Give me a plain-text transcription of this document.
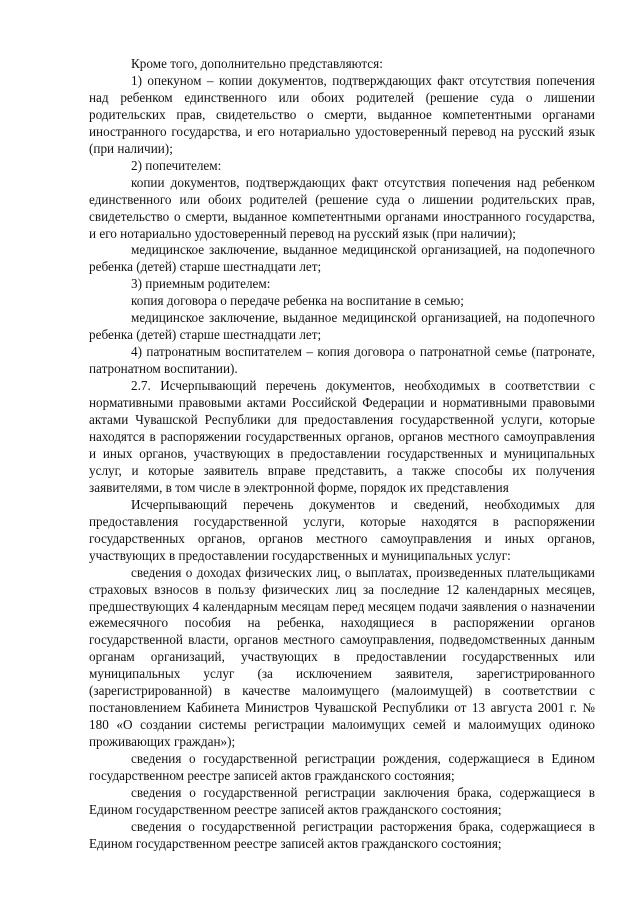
Кроме того, дополнительно представляются:

1) опекуном – копии документов, подтверждающих факт отсутствия попечения над ребенком единственного или обоих родителей (решение суда о лишении родительских прав, свидетельство о смерти, выданное компетентными органами иностранного государства, и его нотариально удостоверенный перевод на русский язык (при наличии);

2) попечителем:

копии документов, подтверждающих факт отсутствия попечения над ребенком единственного или обоих родителей (решение суда о лишении родительских прав, свидетельство о смерти, выданное компетентными органами иностранного государства, и его нотариально удостоверенный перевод на русский язык (при наличии);

медицинское заключение, выданное медицинской организацией, на подопечного ребенка (детей) старше шестнадцати лет;

3) приемным родителем:

копия договора о передаче ребенка на воспитание в семью;

медицинское заключение, выданное медицинской организацией, на подопечного ребенка (детей) старше шестнадцати лет;

4) патронатным воспитателем – копия договора о патронатной семье (патронате, патронатном воспитании).

2.7. Исчерпывающий перечень документов, необходимых в соответствии с нормативными правовыми актами Российской Федерации и нормативными правовыми актами Чувашской Республики для предоставления государственной услуги, которые находятся в распоряжении государственных органов, органов местного самоуправления и иных органов, участвующих в предоставлении государственных и муниципальных услуг, и которые заявитель вправе представить, а также способы их получения заявителями, в том числе в электронной форме, порядок их представления

Исчерпывающий перечень документов и сведений, необходимых для предоставления государственной услуги, которые находятся в распоряжении государственных органов, органов местного самоуправления и иных органов, участвующих в предоставлении государственных и муниципальных услуг:

сведения о доходах физических лиц, о выплатах, произведенных плательщиками страховых взносов в пользу физических лиц за последние 12 календарных месяцев, предшествующих 4 календарным месяцам перед месяцем подачи заявления о назначении ежемесячного пособия на ребенка, находящиеся в распоряжении органов государственной власти, органов местного самоуправления, подведомственных данным органам организаций, участвующих в предоставлении государственных или муниципальных услуг (за исключением заявителя, зарегистрированного (зарегистрированной) в качестве малоимущего (малоимущей) в соответствии с постановлением Кабинета Министров Чувашской Республики от 13 августа 2001 г. № 180 «О создании системы регистрации малоимущих семей и малоимущих одиноко проживающих граждан»);

сведения о государственной регистрации рождения, содержащиеся в Едином государственном реестре записей актов гражданского состояния;

сведения о государственной регистрации заключения брака, содержащиеся в Едином государственном реестре записей актов гражданского состояния;

сведения о государственной регистрации расторжения брака, содержащиеся в Едином государственном реестре записей актов гражданского состояния;
